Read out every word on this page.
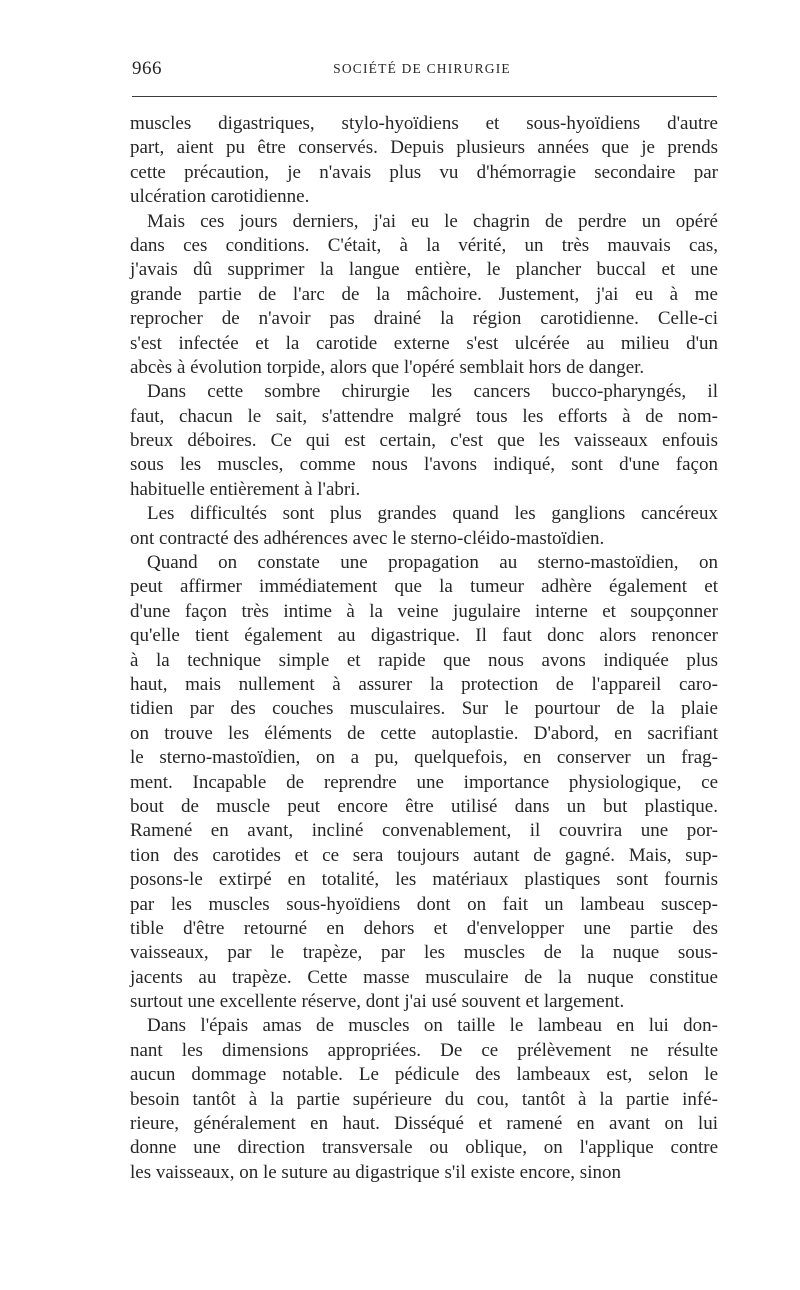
966	SOCIÉTÉ DE CHIRURGIE
muscles digastriques, stylo-hyoïdiens et sous-hyoïdiens d'autre
part, aient pu être conservés. Depuis plusieurs années que je prends
cette précaution, je n'avais plus vu d'hémorragie secondaire par
ulcération carotidienne.
Mais ces jours derniers, j'ai eu le chagrin de perdre un opéré
dans ces conditions. C'était, à la vérité, un très mauvais cas,
j'avais dû supprimer la langue entière, le plancher buccal et une
grande partie de l'arc de la mâchoire. Justement, j'ai eu à me
reprocher de n'avoir pas drainé la région carotidienne. Celle-ci
s'est infectée et la carotide externe s'est ulcérée au milieu d'un
abcès à évolution torpide, alors que l'opéré semblait hors de danger.
Dans cette sombre chirurgie les cancers bucco-pharyngés, il
faut, chacun le sait, s'attendre malgré tous les efforts à de nom-
breux déboires. Ce qui est certain, c'est que les vaisseaux enfouis
sous les muscles, comme nous l'avons indiqué, sont d'une façon
habituelle entièrement à l'abri.
Les difficultés sont plus grandes quand les ganglions cancéreux
ont contracté des adhérences avec le sterno-cléido-mastoïdien.
Quand on constate une propagation au sterno-mastoïdien, on
peut affirmer immédiatement que la tumeur adhère également et
d'une façon très intime à la veine jugulaire interne et soupçonner
qu'elle tient également au digastrique. Il faut donc alors renoncer
à la technique simple et rapide que nous avons indiquée plus
haut, mais nullement à assurer la protection de l'appareil caro-
tidien par des couches musculaires. Sur le pourtour de la plaie
on trouve les éléments de cette autoplastie. D'abord, en sacrifiant
le sterno-mastoïdien, on a pu, quelquefois, en conserver un frag-
ment. Incapable de reprendre une importance physiologique, ce
bout de muscle peut encore être utilisé dans un but plastique.
Ramené en avant, incliné convenablement, il couvrira une por-
tion des carotides et ce sera toujours autant de gagné. Mais, sup-
posons-le extirpé en totalité, les matériaux plastiques sont fournis
par les muscles sous-hyoïdiens dont on fait un lambeau suscep-
tible d'être retourné en dehors et d'envelopper une partie des
vaisseaux, par le trapèze, par les muscles de la nuque sous-
jacents au trapèze. Cette masse musculaire de la nuque constitue
surtout une excellente réserve, dont j'ai usé souvent et largement.
Dans l'épais amas de muscles on taille le lambeau en lui don-
nant les dimensions appropriées. De ce prélèvement ne résulte
aucun dommage notable. Le pédicule des lambeaux est, selon le
besoin tantôt à la partie supérieure du cou, tantôt à la partie infé-
rieure, généralement en haut. Disséqué et ramené en avant on lui
donne une direction transversale ou oblique, on l'applique contre
les vaisseaux, on le suture au digastrique s'il existe encore, sinon
